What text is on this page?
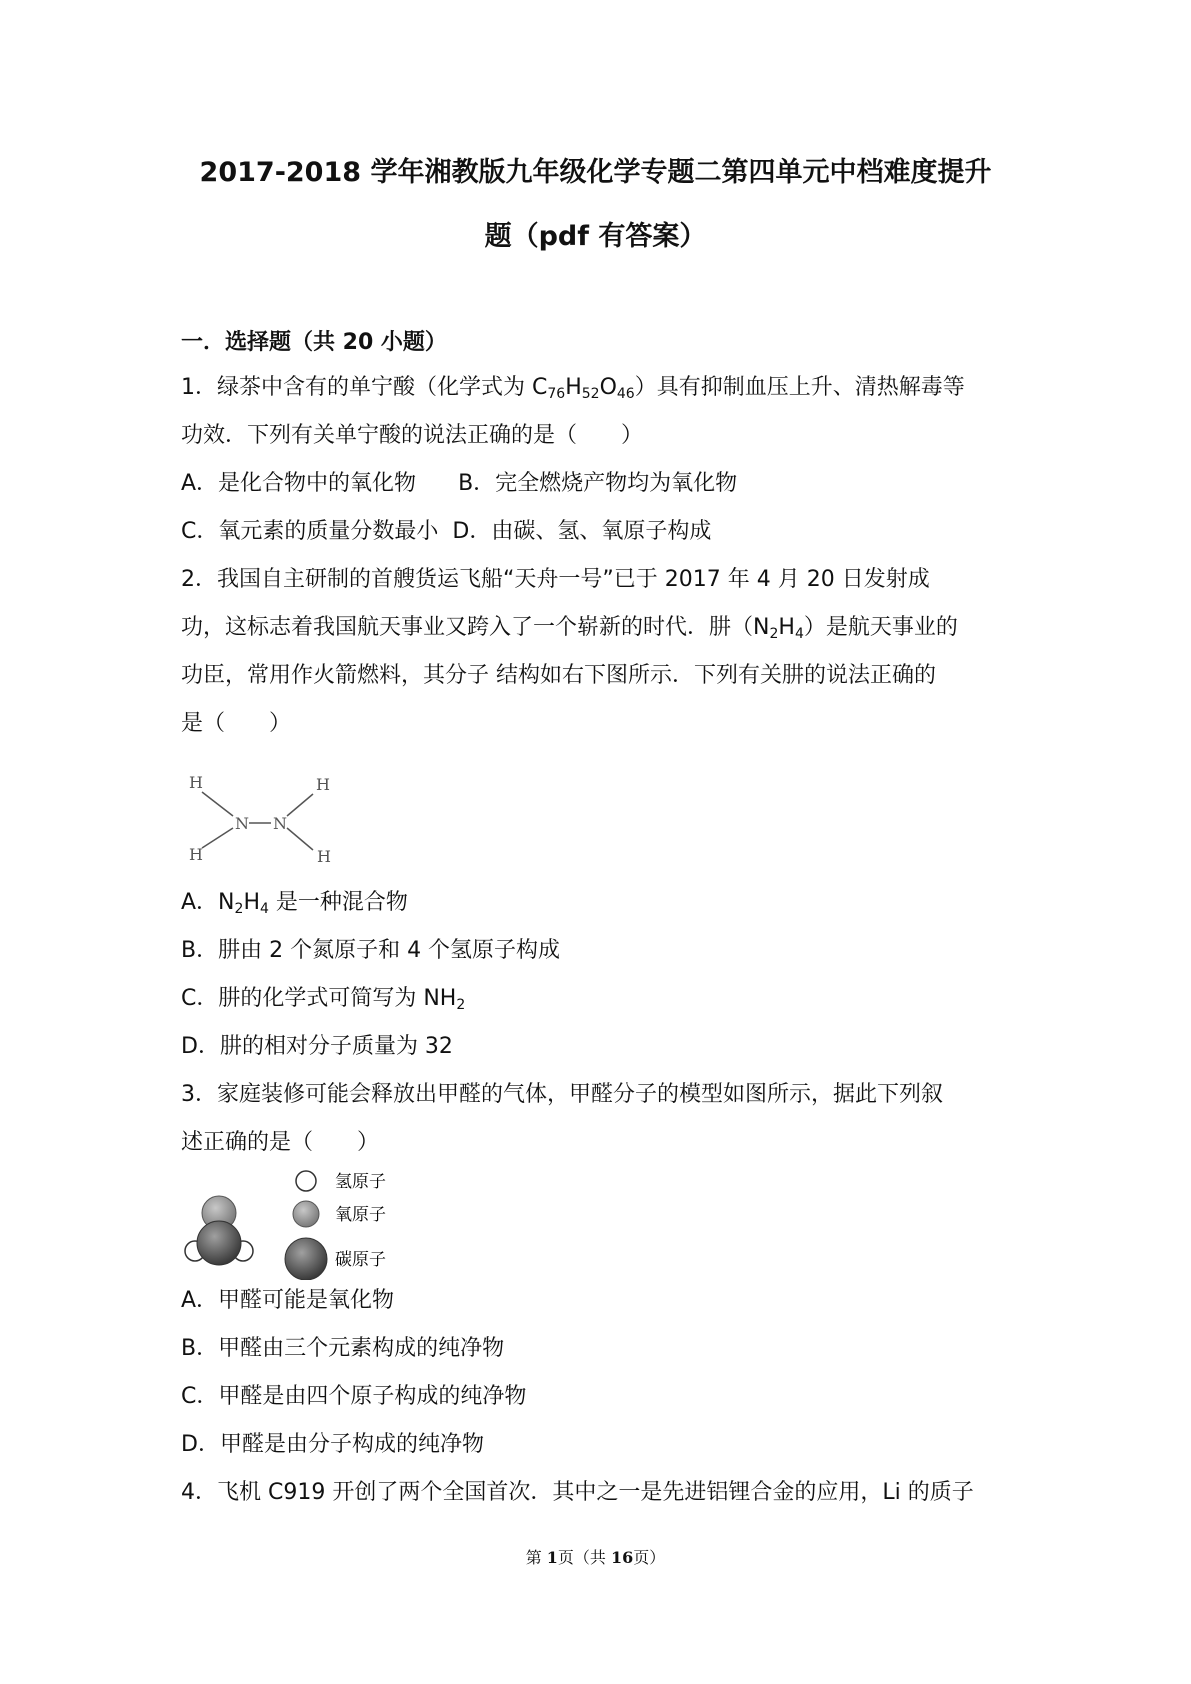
2017-2018 学年湘教版九年级化学专题二第四单元中档难度提升
题（pdf 有答案）
一．选择题（共 20 小题）
1．绿茶中含有的单宁酸（化学式为 $C_{76}H_{52}O_{46}$）具有抑制血压上升、清热解毒等
功效．下列有关单宁酸的说法正确的是（　　）
A．是化合物中的氧化物 B．完全燃烧产物均为氧化物
C．氧元素的质量分数最小 D．由碳、氢、氧原子构成
2．我国自主研制的首艘货运飞船“天舟一号”已于 2017 年 4 月 20 日发射成
功，这标志着我国航天事业又跨入了一个崭新的时代．肼$(N_2H_4)$是航天事业的
功臣，常用作火箭燃料，其分子 结构如右下图所示．下列有关肼的说法正确的
是（　　）
H
H
H
H
N N
A．$N_2H_4$ 是一种混合物
B．肼由 2 个氮原子和 4 个氢原子构成
C．肼的化学式可简写为 $NH_2$
D．肼的相对分子质量为 32
3．家庭装修可能会释放出甲醛的气体，甲醛分子的模型如图所示，据此下列叙
述正确的是（　　）
氢原子
氧原子
碳原子
A．甲醛可能是氧化物
B．甲醛由三个元素构成的纯净物
C．甲醛是由四个原子构成的纯净物
D．甲醛是由分子构成的纯净物
4．飞机 C919 开创了两个全国首次．其中之一是先进铝锂合金的应用，Li 的质子
第 1页（共 16页）
